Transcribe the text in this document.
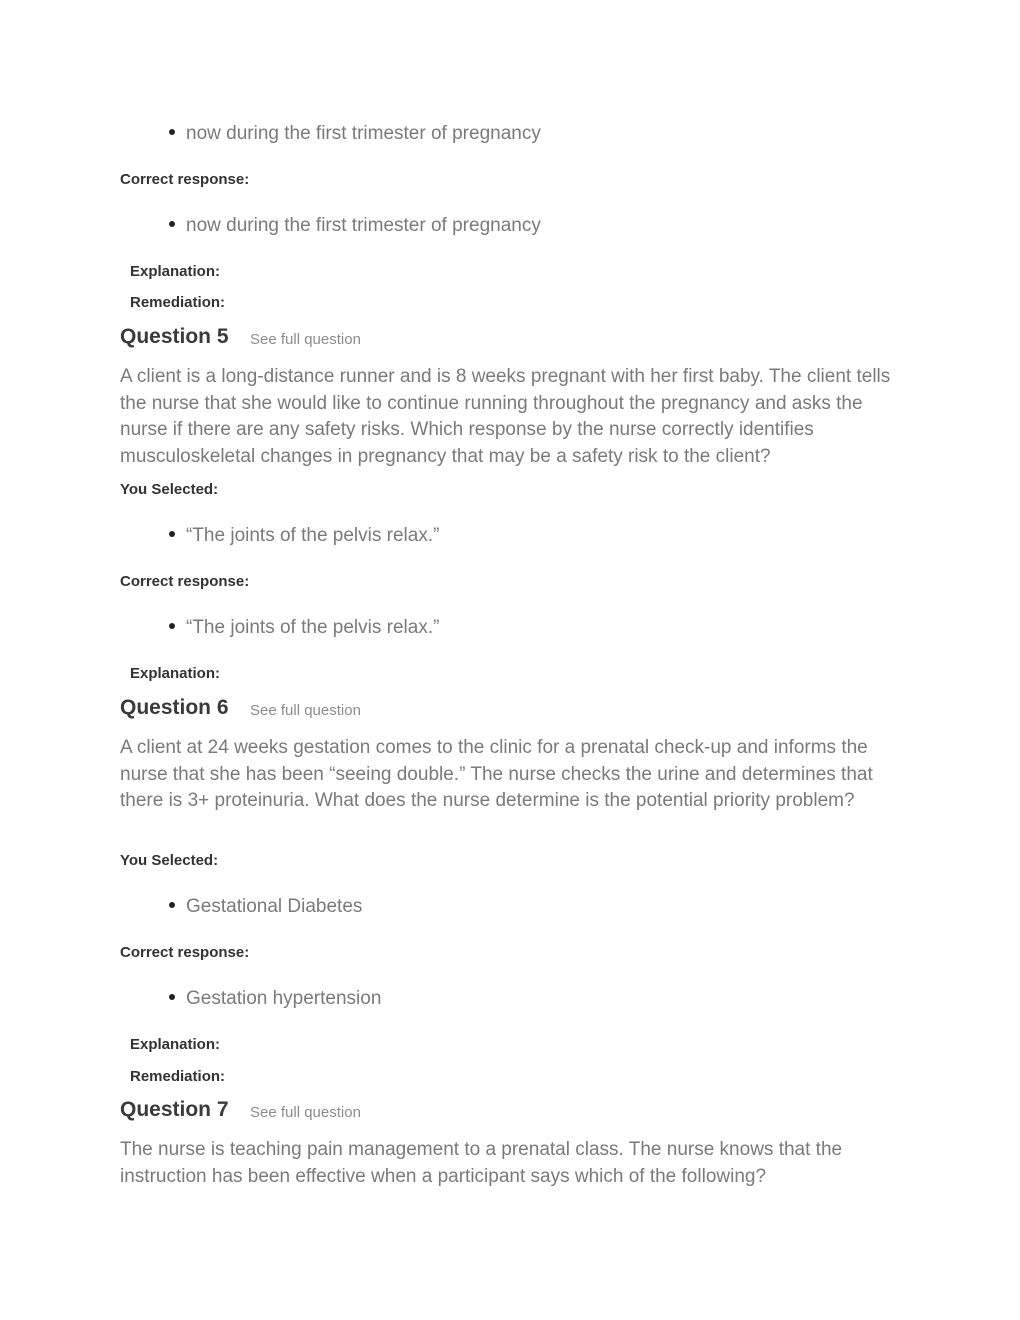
now during the first trimester of pregnancy
Correct response:
now during the first trimester of pregnancy
Explanation:
Remediation:
Question 5 See full question
A client is a long-distance runner and is 8 weeks pregnant with her first baby. The client tells the nurse that she would like to continue running throughout the pregnancy and asks the nurse if there are any safety risks. Which response by the nurse correctly identifies musculoskeletal changes in pregnancy that may be a safety risk to the client?
You Selected:
“The joints of the pelvis relax.”
Correct response:
“The joints of the pelvis relax.”
Explanation:
Question 6 See full question
A client at 24 weeks gestation comes to the clinic for a prenatal check-up and informs the nurse that she has been “seeing double.” The nurse checks the urine and determines that there is 3+ proteinuria. What does the nurse determine is the potential priority problem?
You Selected:
Gestational Diabetes
Correct response:
Gestation hypertension
Explanation:
Remediation:
Question 7 See full question
The nurse is teaching pain management to a prenatal class. The nurse knows that the instruction has been effective when a participant says which of the following?
